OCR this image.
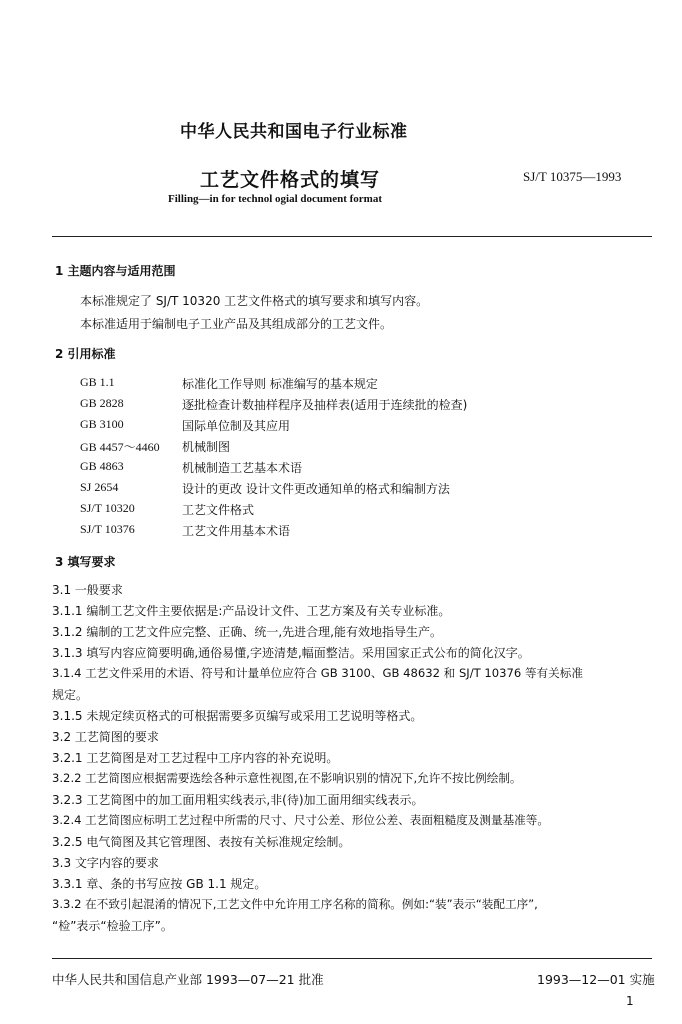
中华人民共和国电子行业标准
工艺文件格式的填写	SJ/T 10375—1993
Filling—in for technol ogial document format
1 主题内容与适用范围
本标准规定了 SJ/T 10320 工艺文件格式的填写要求和填写内容。
本标准适用于编制电子工业产品及其组成部分的工艺文件。
2 引用标准
GB 1.1	标准化工作导则 标准编写的基本规定
GB 2828	逐批检查计数抽样程序及抽样表(适用于连续批的检查)
GB 3100	国际单位制及其应用
GB 4457～4460 机械制图
GB 4863	机械制造工艺基本术语
SJ 2654	设计的更改 设计文件更改通知单的格式和编制方法
SJ/T 10320	工艺文件格式
SJ/T 10376	工艺文件用基本术语
3 填写要求
3.1 一般要求
3.1.1 编制工艺文件主要依据是:产品设计文件、工艺方案及有关专业标准。
3.1.2 编制的工艺文件应完整、正确、统一,先进合理,能有效地指导生产。
3.1.3 填写内容应简要明确,通俗易懂,字迹清楚,幅面整洁。采用国家正式公布的简化汉字。
3.1.4 工艺文件采用的术语、符号和计量单位应符合 GB 3100、GB 48632 和 SJ/T 10376 等有关标准
规定。
3.1.5 未规定续页格式的可根据需要多页编写或采用工艺说明等格式。
3.2 工艺简图的要求
3.2.1 工艺简图是对工艺过程中工序内容的补充说明。
3.2.2 工艺简图应根据需要选绘各种示意性视图,在不影响识别的情况下,允许不按比例绘制。
3.2.3 工艺简图中的加工面用粗实线表示,非(待)加工面用细实线表示。
3.2.4 工艺简图应标明工艺过程中所需的尺寸、尺寸公差、形位公差、表面粗糙度及测量基准等。
3.2.5 电气简图及其它管理图、表按有关标准规定绘制。
3.3 文字内容的要求
3.3.1 章、条的书写应按 GB 1.1 规定。
3.3.2 在不致引起混淆的情况下,工艺文件中允许用工序名称的简称。例如:“装”表示“装配工序”,
“检”表示“检验工序”。
中华人民共和国信息产业部 1993—07—21 批准	1993—12—01 实施
1
